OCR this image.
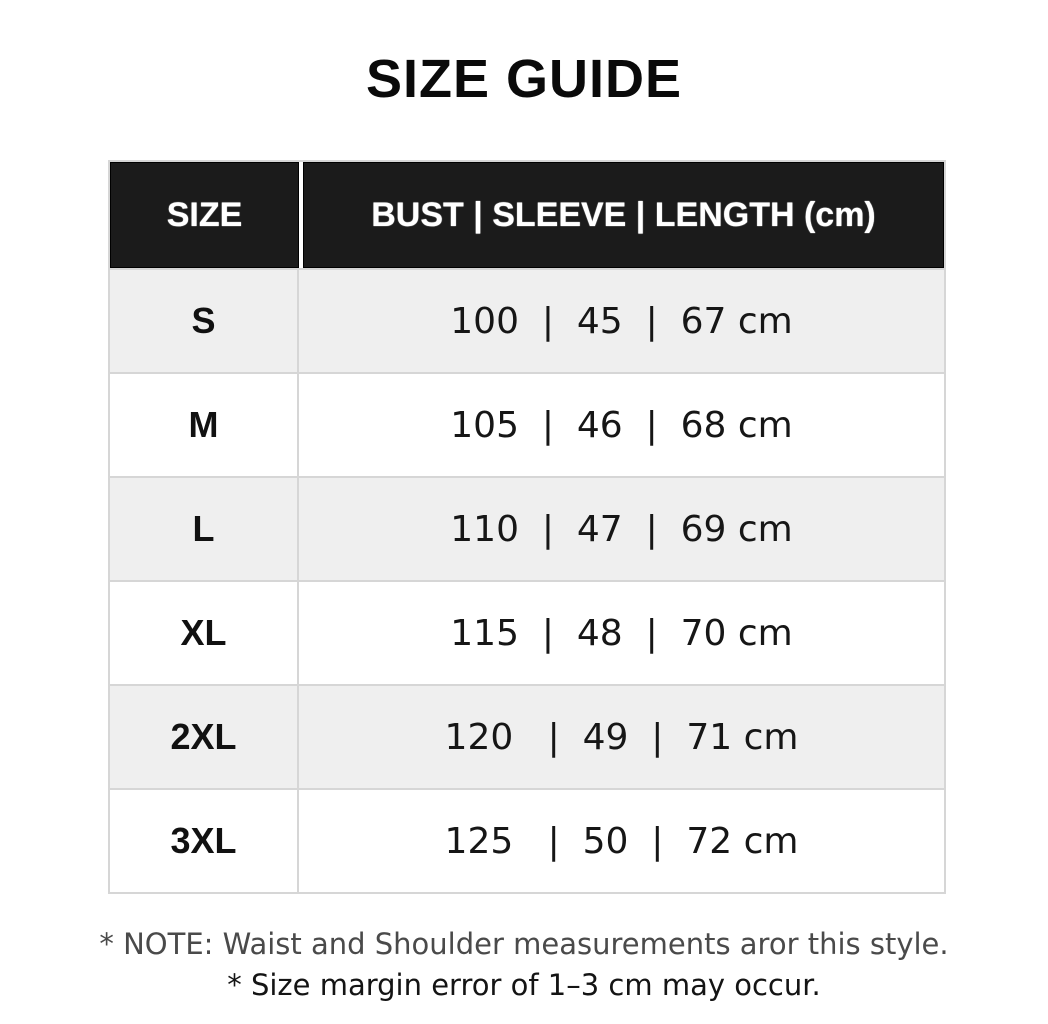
SIZE GUIDE
SIZE	BUST | SLEEVE | LENGTH (cm)
S	100  |  45  |  67 cm
M	105  |  46  |  68 cm
L	110  |  47  |  69 cm
XL	115  |  48  |  70 cm
2XL	120   |  49  |  71 cm
3XL	125   |  50  |  72 cm
* NOTE: Waist and Shoulder measurements aror this style.
* Size margin error of 1–3 cm may occur.
